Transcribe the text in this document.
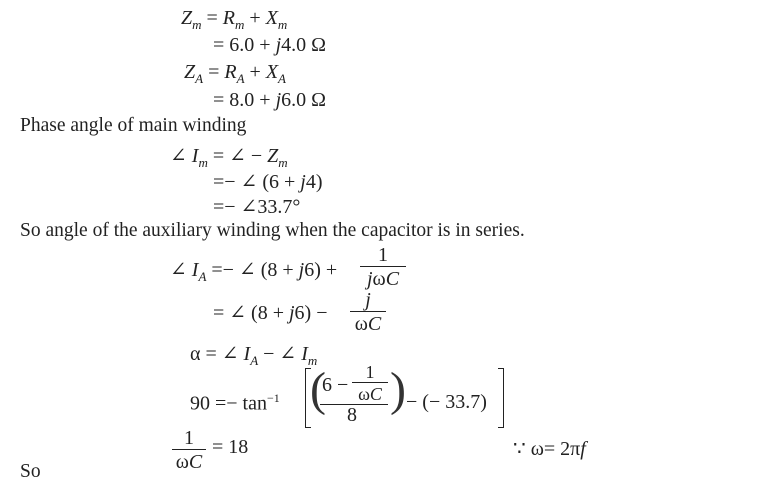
$Z_m = R_m + X_m$
= 6.0 + j4.0 Ω
$Z_A = R_A + X_A$
= 8.0 + j6.0 Ω
Phase angle of main winding
∠ $I_m$ = ∠ − $Z_m$
=− ∠ (6 + j4)
=− ∠33.7°
So angle of the auxiliary winding when the capacitor is in series.
∠ $I_A$ =− ∠ (8 + j6) +
1
jωC
= ∠ $(8 + j6) - \frac{j}{\omega C}$
α = ∠ $I_A$ − ∠ $I_m$
$90 =- \tan^{-1}$ (
$6 - \frac{1}{\omega C}$
8 ) − (− 33.7)
$\frac{1}{\omega C} = 18$	∵ ω= 2πf
So
